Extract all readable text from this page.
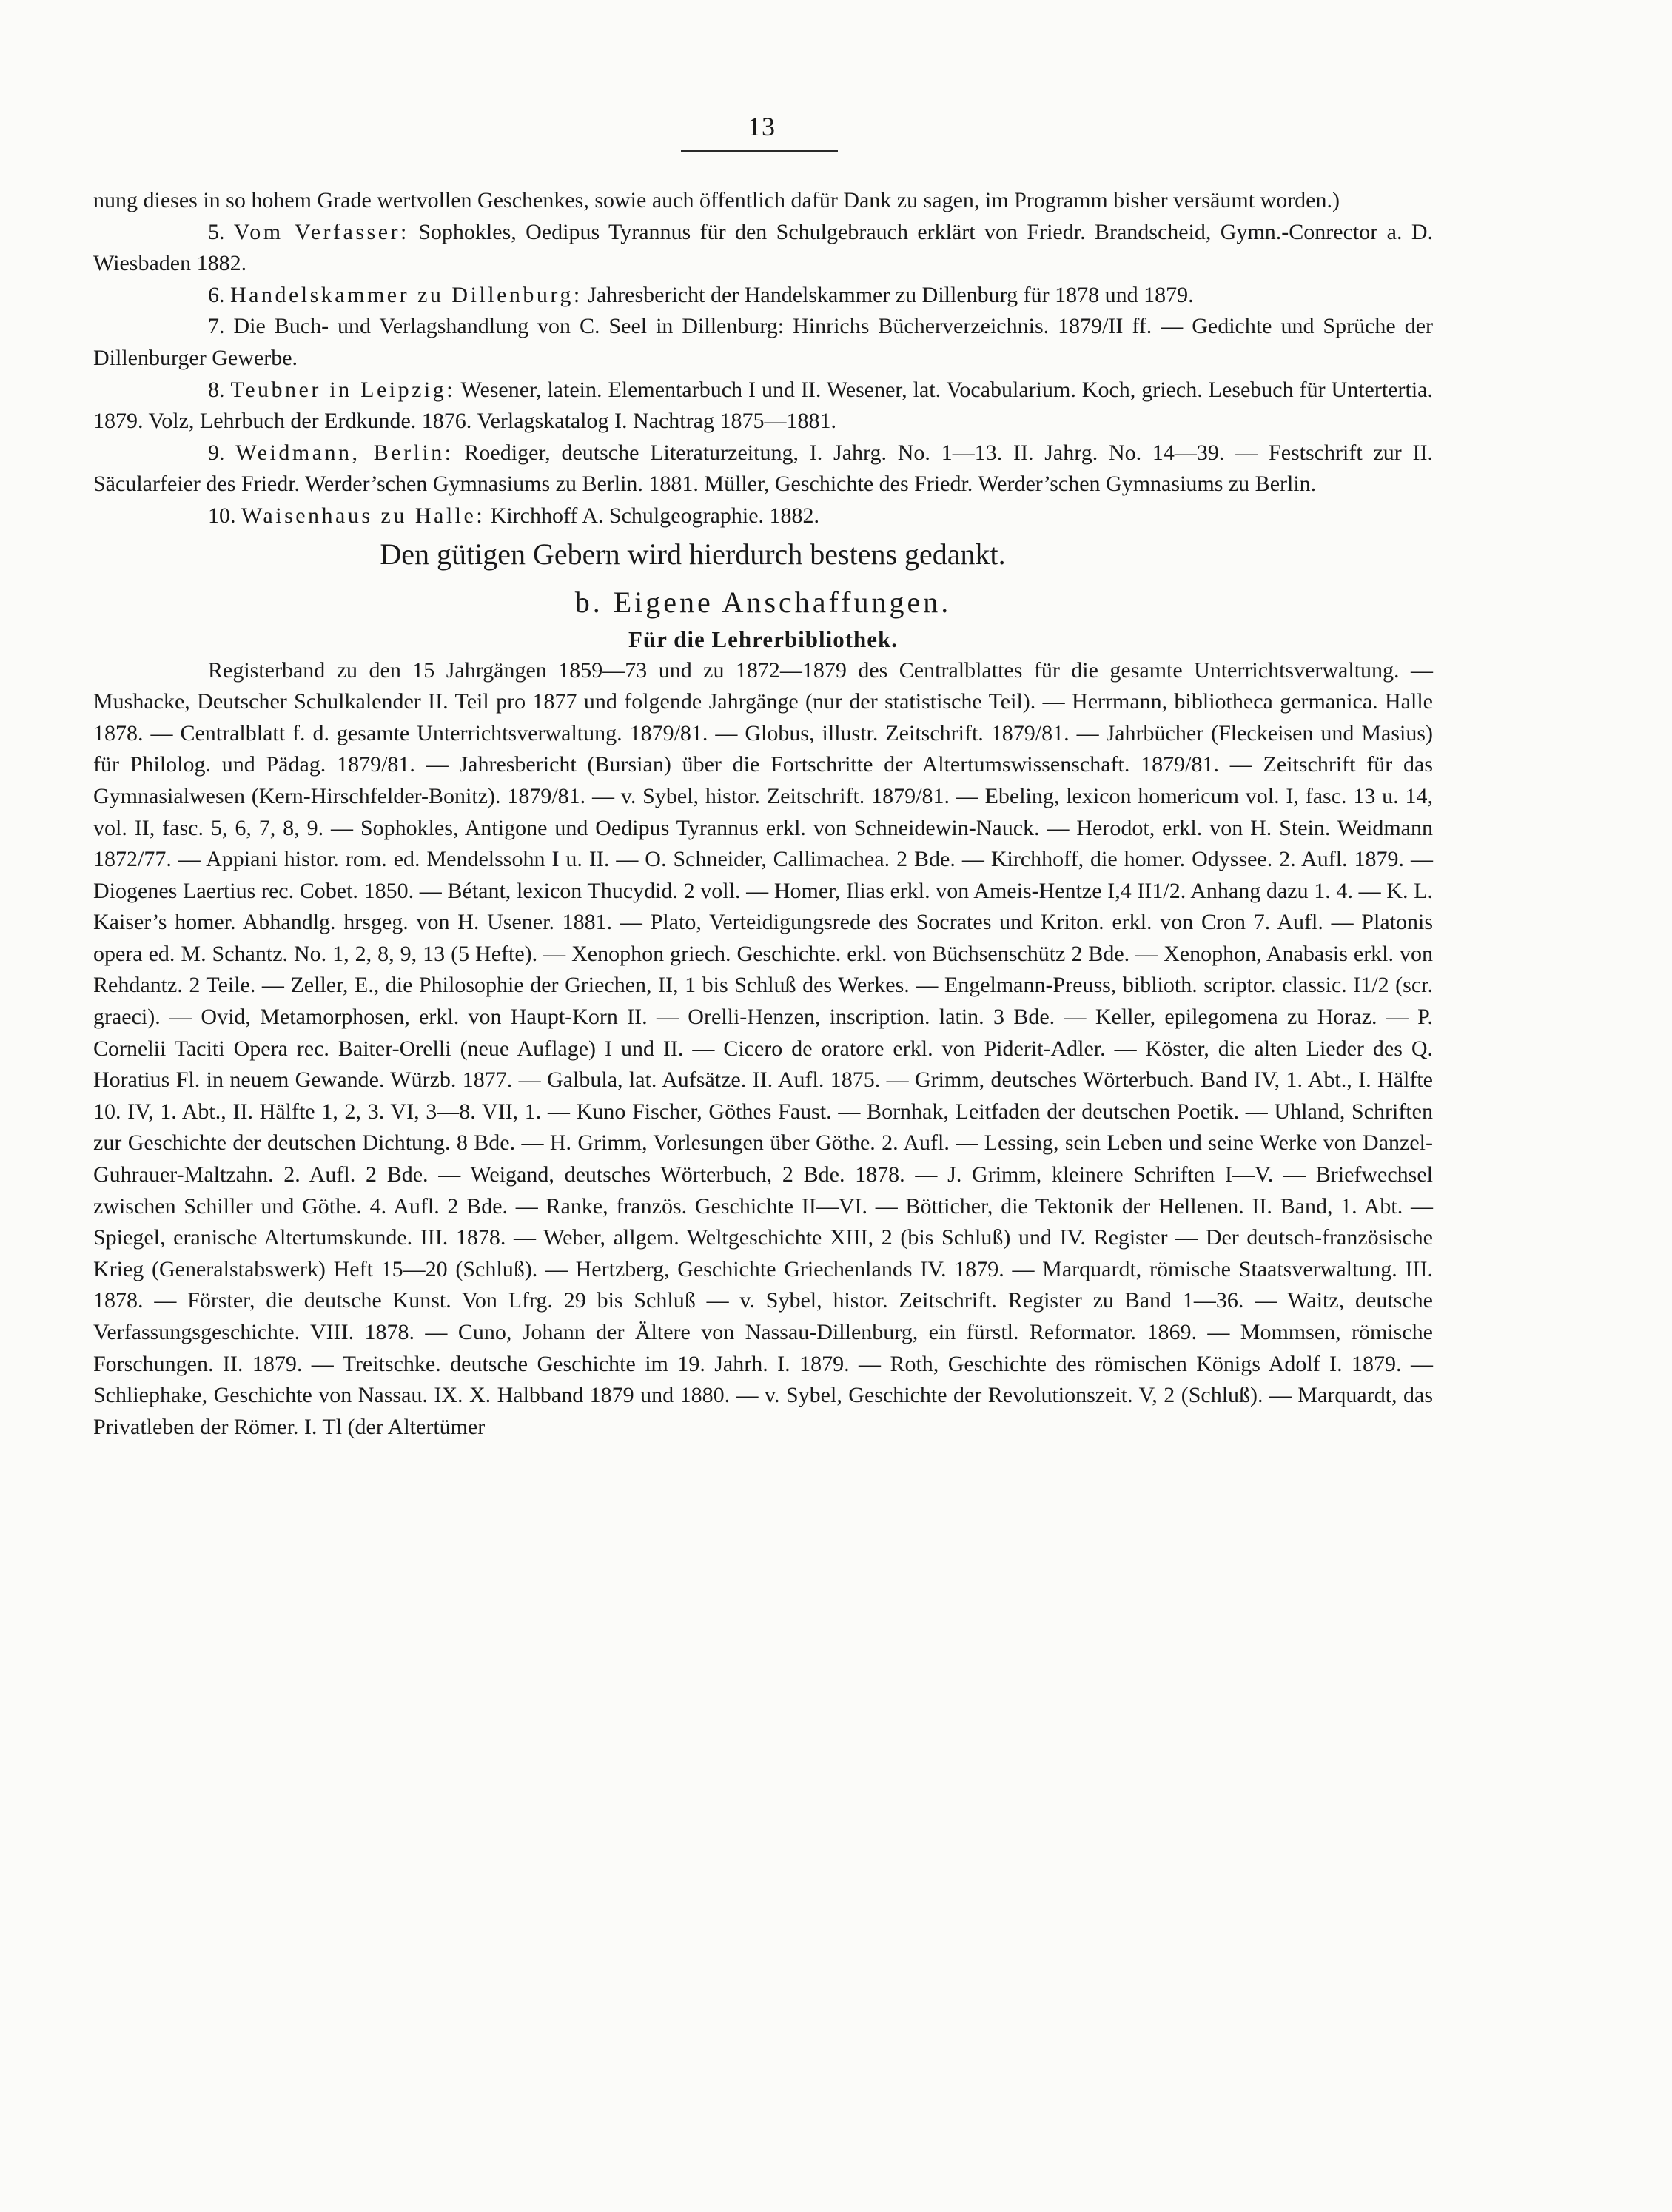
13

nung dieses in so hohem Grade wertvollen Geschenkes, sowie auch öffentlich dafür Dank zu sagen, im Programm bisher versäumt worden.)

5. Vom Verfasser: Sophokles, Oedipus Tyrannus für den Schulgebrauch erklärt von Friedr. Brandscheid, Gymn.-Conrector a. D. Wiesbaden 1882.

6. Handelskammer zu Dillenburg: Jahresbericht der Handelskammer zu Dillenburg für 1878 und 1879.

7. Die Buch- und Verlagshandlung von C. Seel in Dillenburg: Hinrichs Bücherverzeichnis. 1879/II ff. — Gedichte und Sprüche der Dillenburger Gewerbe.

8. Teubner in Leipzig: Wesener, latein. Elementarbuch I und II. Wesener, lat. Vocabularium. Koch, griech. Lesebuch für Untertertia. 1879. Volz, Lehrbuch der Erdkunde. 1876. Verlagskatalog I. Nachtrag 1875—1881.

9. Weidmann, Berlin: Roediger, deutsche Literaturzeitung, I. Jahrg. No. 1—13. II. Jahrg. No. 14—39. — Festschrift zur II. Säcularfeier des Friedr. Werder’schen Gymnasiums zu Berlin. 1881. Müller, Geschichte des Friedr. Werder’schen Gymnasiums zu Berlin.

10. Waisenhaus zu Halle: Kirchhoff A. Schulgeographie. 1882.

Den gütigen Gebern wird hierdurch bestens gedankt.

b. Eigene Anschaffungen.

Für die Lehrerbibliothek.

Registerband zu den 15 Jahrgängen 1859—73 und zu 1872—1879 des Centralblattes für die gesamte Unterrichtsverwaltung. — Mushacke, Deutscher Schulkalender II. Teil pro 1877 und folgende Jahrgänge (nur der statistische Teil). — Herrmann, bibliotheca germanica. Halle 1878. — Centralblatt f. d. gesamte Unterrichtsverwaltung. 1879/81. — Globus, illustr. Zeitschrift. 1879/81. — Jahrbücher (Fleckeisen und Masius) für Philolog. und Pädag. 1879/81. — Jahresbericht (Bursian) über die Fortschritte der Altertumswissenschaft. 1879/81. — Zeitschrift für das Gymnasialwesen (Kern-Hirschfelder-Bonitz). 1879/81. — v. Sybel, histor. Zeitschrift. 1879/81. — Ebeling, lexicon homericum vol. I, fasc. 13 u. 14, vol. II, fasc. 5, 6, 7, 8, 9. — Sophokles, Antigone und Oedipus Tyrannus erkl. von Schneidewin-Nauck. — Herodot, erkl. von H. Stein. Weidmann 1872/77. — Appiani histor. rom. ed. Mendelssohn I u. II. — O. Schneider, Callimachea. 2 Bde. — Kirchhoff, die homer. Odyssee. 2. Aufl. 1879. — Diogenes Laertius rec. Cobet. 1850. — Bétant, lexicon Thucydid. 2 voll. — Homer, Ilias erkl. von Ameis-Hentze I,4 II1/2. Anhang dazu 1. 4. — K. L. Kaiser’s homer. Abhandlg. hrsgeg. von H. Usener. 1881. — Plato, Verteidigungsrede des Socrates und Kriton. erkl. von Cron 7. Aufl. — Platonis opera ed. M. Schantz. No. 1, 2, 8, 9, 13 (5 Hefte). — Xenophon griech. Geschichte. erkl. von Büchsenschütz 2 Bde. — Xenophon, Anabasis erkl. von Rehdantz. 2 Teile. — Zeller, E., die Philosophie der Griechen, II, 1 bis Schluß des Werkes. — Engelmann-Preuss, biblioth. scriptor. classic. I1/2 (scr. graeci). — Ovid, Metamorphosen, erkl. von Haupt-Korn II. — Orelli-Henzen, inscription. latin. 3 Bde. — Keller, epilegomena zu Horaz. — P. Cornelii Taciti Opera rec. Baiter-Orelli (neue Auflage) I und II. — Cicero de oratore erkl. von Piderit-Adler. — Köster, die alten Lieder des Q. Horatius Fl. in neuem Gewande. Würzb. 1877. — Galbula, lat. Aufsätze. II. Aufl. 1875. — Grimm, deutsches Wörterbuch. Band IV, 1. Abt., I. Hälfte 10. IV, 1. Abt., II. Hälfte 1, 2, 3. VI, 3—8. VII, 1. — Kuno Fischer, Göthes Faust. — Bornhak, Leitfaden der deutschen Poetik. — Uhland, Schriften zur Geschichte der deutschen Dichtung. 8 Bde. — H. Grimm, Vorlesungen über Göthe. 2. Aufl. — Lessing, sein Leben und seine Werke von Danzel-Guhrauer-Maltzahn. 2. Aufl. 2 Bde. — Weigand, deutsches Wörterbuch, 2 Bde. 1878. — J. Grimm, kleinere Schriften I—V. — Briefwechsel zwischen Schiller und Göthe. 4. Aufl. 2 Bde. — Ranke, französ. Geschichte II—VI. — Bötticher, die Tektonik der Hellenen. II. Band, 1. Abt. — Spiegel, eranische Altertumskunde. III. 1878. — Weber, allgem. Weltgeschichte XIII, 2 (bis Schluß) und IV. Register — Der deutsch-französische Krieg (Generalstabswerk) Heft 15—20 (Schluß). — Hertzberg, Geschichte Griechenlands IV. 1879. — Marquardt, römische Staatsverwaltung. III. 1878. — Förster, die deutsche Kunst. Von Lfrg. 29 bis Schluß — v. Sybel, histor. Zeitschrift. Register zu Band 1—36. — Waitz, deutsche Verfassungsgeschichte. VIII. 1878. — Cuno, Johann der Ältere von Nassau-Dillenburg, ein fürstl. Reformator. 1869. — Mommsen, römische Forschungen. II. 1879. — Treitschke. deutsche Geschichte im 19. Jahrh. I. 1879. — Roth, Geschichte des römischen Königs Adolf I. 1879. — Schliephake, Geschichte von Nassau. IX. X. Halbband 1879 und 1880. — v. Sybel, Geschichte der Revolutionszeit. V, 2 (Schluß). — Marquardt, das Privatleben der Römer. I. Tl (der Altertümer
